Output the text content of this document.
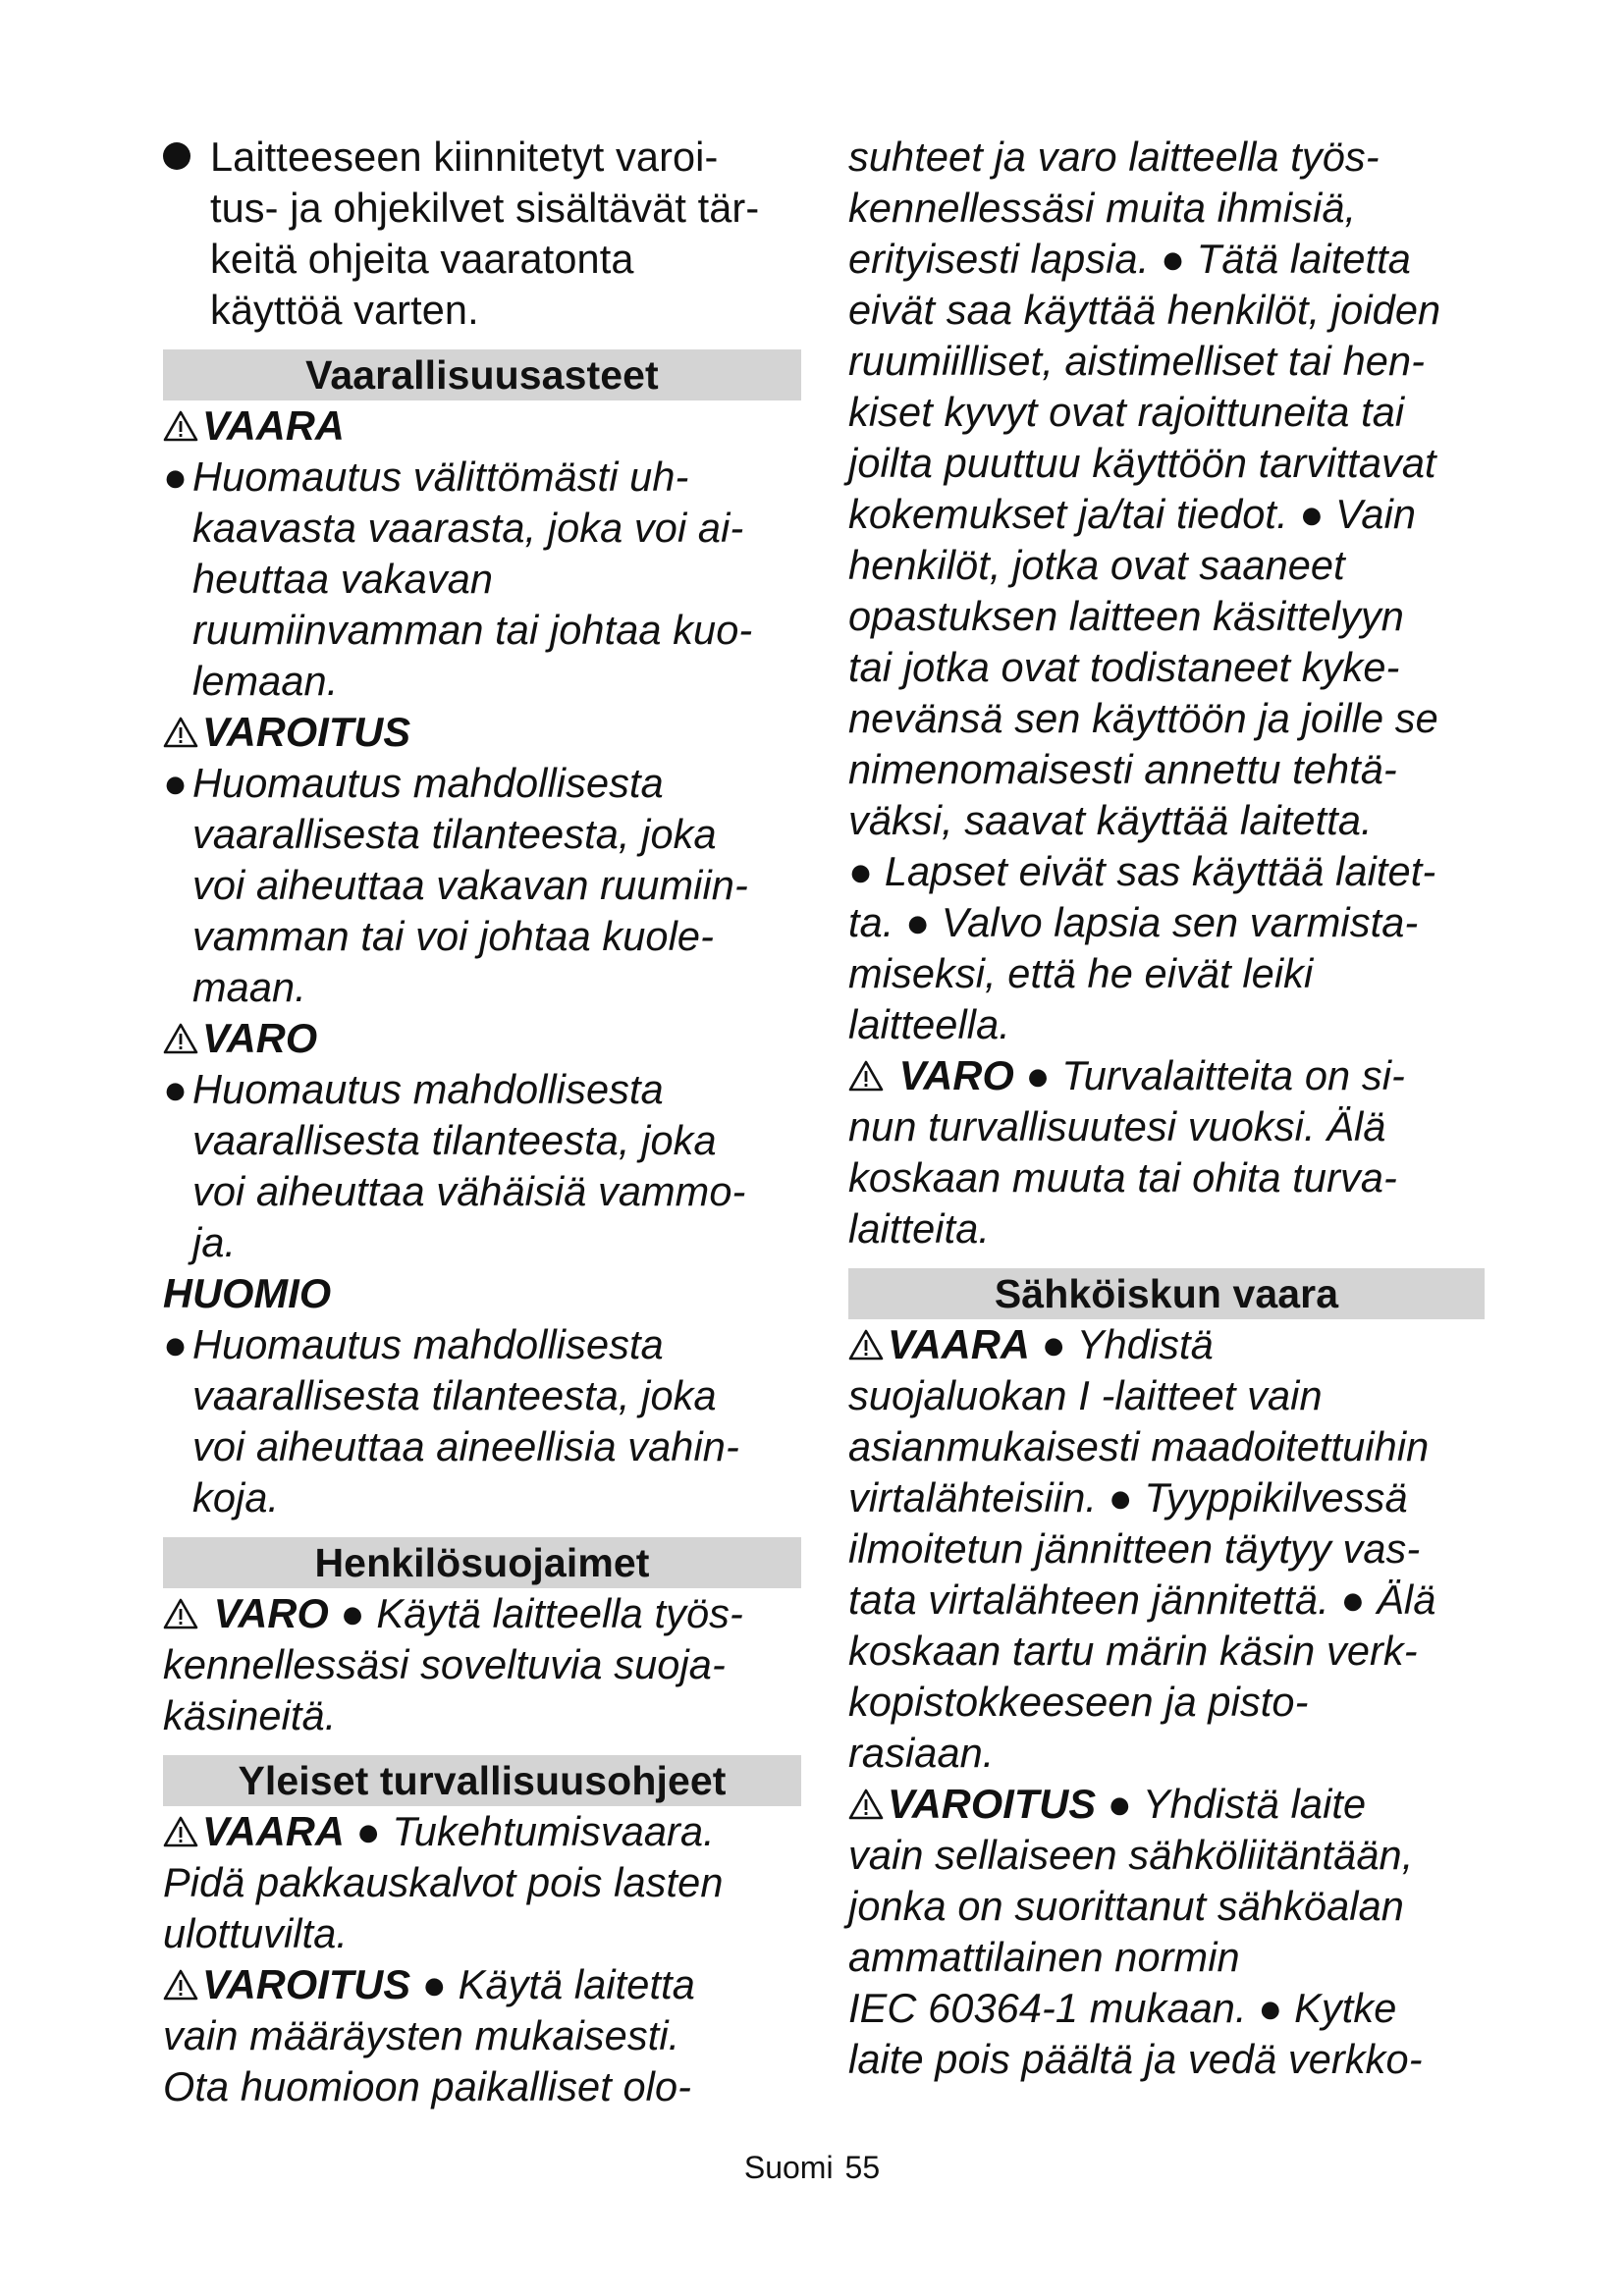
Laitteeseen kiinnitetyt varoi-
tus- ja ohjekilvet sisältävät tär-
keitä ohjeita vaaratonta
käyttöä varten.
Vaarallisuusasteet
VAARA
● Huomautus välittömästi uh-
kaavasta vaarasta, joka voi ai-
heuttaa vakavan
ruumiinvamman tai johtaa kuo-
lemaan.
VAROITUS
● Huomautus mahdollisesta
vaarallisesta tilanteesta, joka
voi aiheuttaa vakavan ruumiin-
vamman tai voi johtaa kuole-
maan.
VARO
● Huomautus mahdollisesta
vaarallisesta tilanteesta, joka
voi aiheuttaa vähäisiä vammo-
ja.
HUOMIO
● Huomautus mahdollisesta
vaarallisesta tilanteesta, joka
voi aiheuttaa aineellisia vahin-
koja.
Henkilösuojaimet
VARO ● Käytä laitteella työs-
kennellessäsi soveltuvia suoja-
käsineitä.
Yleiset turvallisuusohjeet
VAARA ● Tukehtumisvaara.
Pidä pakkauskalvot pois lasten
ulottuvilta.
VAROITUS ● Käytä laitetta
vain määräysten mukaisesti.
Ota huomioon paikalliset olo-
suhteet ja varo laitteella työs-
kennellessäsi muita ihmisiä,
erityisesti lapsia. ● Tätä laitetta
eivät saa käyttää henkilöt, joiden
ruumiilliset, aistimelliset tai hen-
kiset kyvyt ovat rajoittuneita tai
joilta puuttuu käyttöön tarvittavat
kokemukset ja/tai tiedot. ● Vain
henkilöt, jotka ovat saaneet
opastuksen laitteen käsittelyyn
tai jotka ovat todistaneet kyke-
nevänsä sen käyttöön ja joille se
nimenomaisesti annettu tehtä-
väksi, saavat käyttää laitetta.
● Lapset eivät sas käyttää laitet-
ta. ● Valvo lapsia sen varmista-
miseksi, että he eivät leiki
laitteella.
VARO ● Turvalaitteita on si-
nun turvallisuutesi vuoksi. Älä
koskaan muuta tai ohita turva-
laitteita.
Sähköiskun vaara
VAARA ● Yhdistä
suojaluokan I -laitteet vain
asianmukaisesti maadoitettuihin
virtalähteisiin. ● Tyyppikilvessä
ilmoitetun jännitteen täytyy vas-
tata virtalähteen jännitettä. ● Älä
koskaan tartu märin käsin verk-
kopistokkeeseen ja pisto-
rasiaan.
VAROITUS ● Yhdistä laite
vain sellaiseen sähköliitäntään,
jonka on suorittanut sähköalan
ammattilainen normin
IEC 60364-1 mukaan. ● Kytke
laite pois päältä ja vedä verkko-
Suomi 55
